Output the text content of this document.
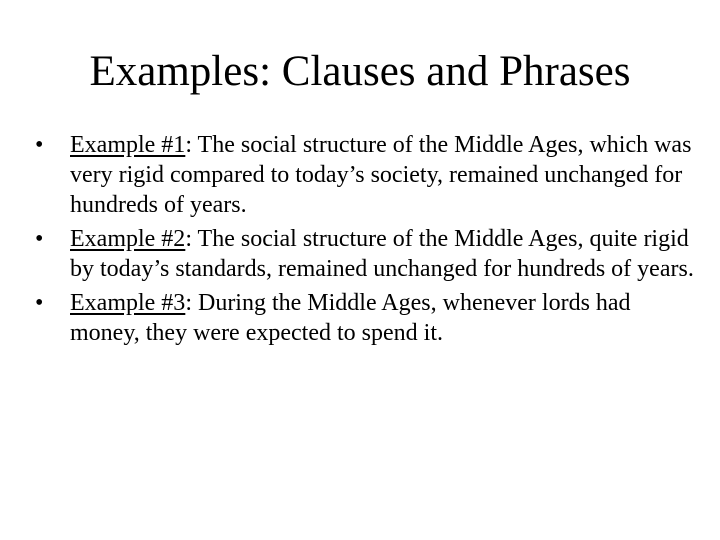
Examples: Clauses and Phrases
• Example #1: The social structure of the Middle Ages, which was very rigid compared to today’s society, remained unchanged for hundreds of years.
• Example #2: The social structure of the Middle Ages, quite rigid by today’s standards, remained unchanged for hundreds of years.
• Example #3: During the Middle Ages, whenever lords had money, they were expected to spend it.
